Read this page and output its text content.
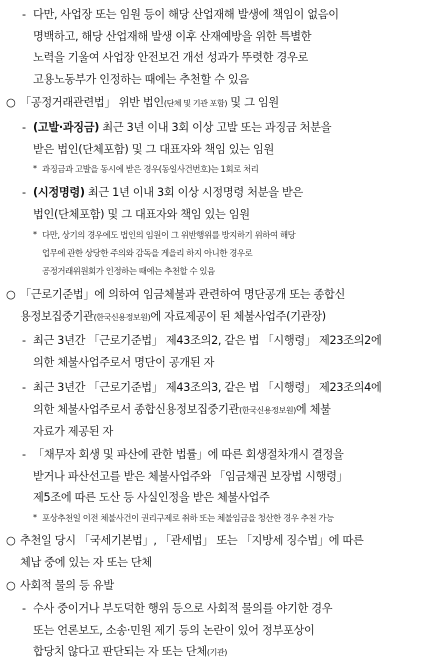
- 다만, 사업장 또는 임원 등이 해당 산업재해 발생에 책임이 없음이
명백하고, 해당 산업재해 발생 이후 산재예방을 위한 특별한
노력을 기울여 사업장 안전보건 개선 성과가 뚜렷한 경우로
고용노동부가 인정하는 때에는 추천할 수 있음
○ 「공정거래관련법」 위반 법인(단체 및 기관 포함) 및 그 임원
- (고발·과징금) 최근 3년 이내 3회 이상 고발 또는 과징금 처분을
받은 법인(단체포함) 및 그 대표자와 책임 있는 임원
* 과징금과 고발을 동시에 받은 경우(동일사건번호)는 1회로 처리
- (시정명령) 최근 1년 이내 3회 이상 시정명령 처분을 받은
법인(단체포함) 및 그 대표자와 책임 있는 임원
* 다만, 상기의 경우에도 법인의 임원이 그 위반행위를 방지하기 위하여 해당
업무에 관한 상당한 주의와 감독을 게을리 하지 아니한 경우로
공정거래위원회가 인정하는 때에는 추천할 수 있음
○ 「근로기준법」에 의하여 임금체불과 관련하여 명단공개 또는 종합신
용정보집중기관(한국신용정보원)에 자료제공이 된 체불사업주(기관장)
- 최근 3년간 「근로기준법」 제43조의2, 같은 법 「시행령」 제23조의2에
의한 체불사업주로서 명단이 공개된 자
- 최근 3년간 「근로기준법」 제43조의3, 같은 법 「시행령」 제23조의4에
의한 체불사업주로서 종합신용정보집중기관(한국신용정보원)에 체불
자료가 제공된 자
- 「채무자 회생 및 파산에 관한 법률」에 따른 회생절차개시 결정을
받거나 파산선고를 받은 체불사업주와 「임금채권 보장법 시행령」
제5조에 따른 도산 등 사실인정을 받은 체불사업주
* 포상추천일 이전 체불사건이 권리구제로 취하 또는 체불임금을 청산한 경우 추천 가능
○ 추천일 당시 「국세기본법」, 「관세법」 또는 「지방세 징수법」에 따른
체납 중에 있는 자 또는 단체
○ 사회적 물의 등 유발
- 수사 중이거나 부도덕한 행위 등으로 사회적 물의를 야기한 경우
또는 언론보도, 소송·민원 제기 등의 논란이 있어 정부포상이
합당치 않다고 판단되는 자 또는 단체(기관)
